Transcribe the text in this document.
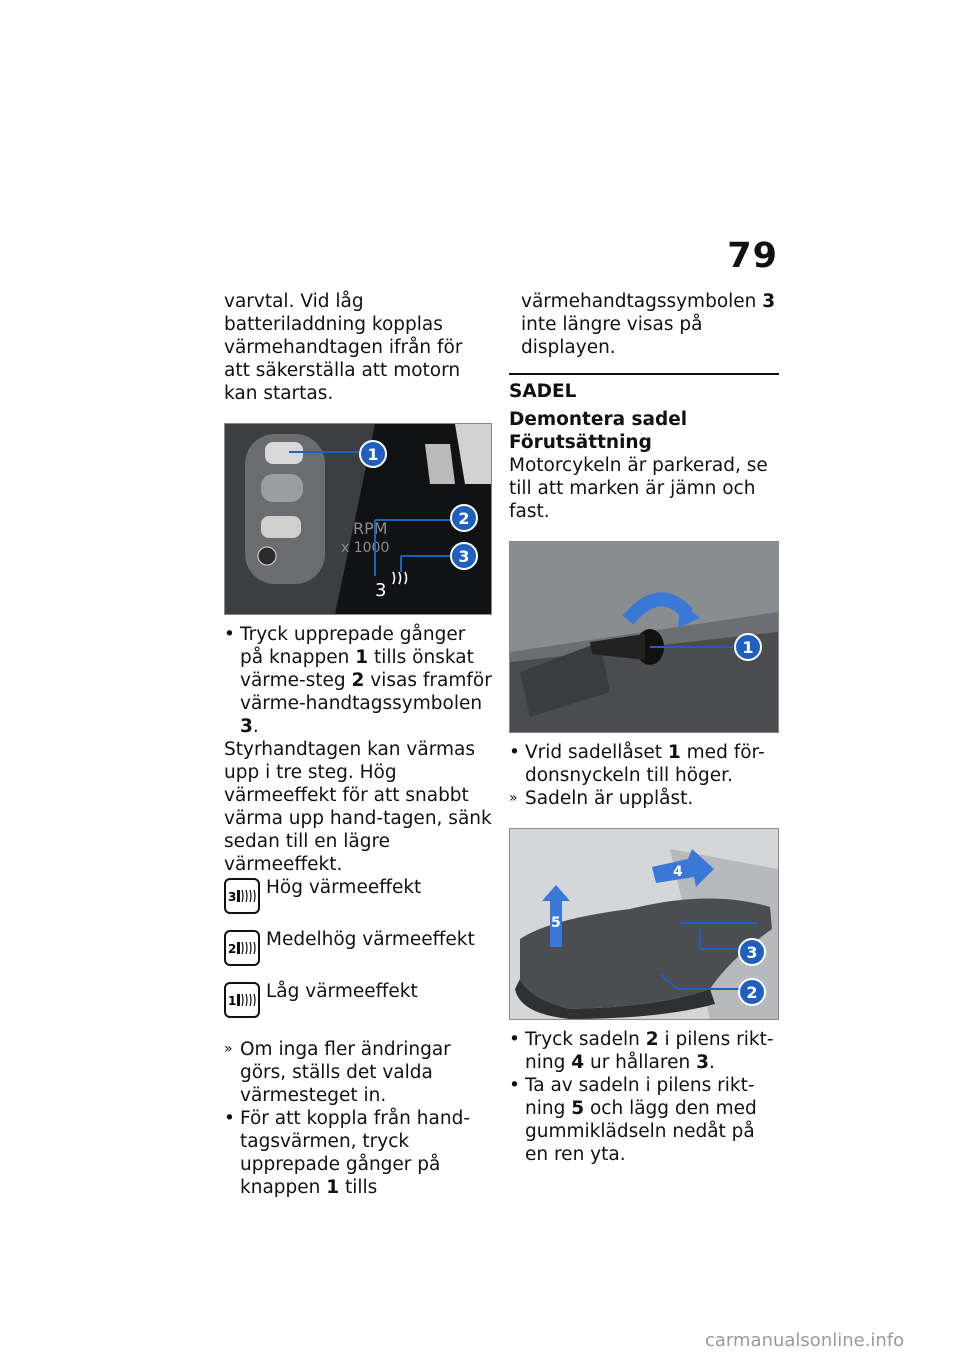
79

varvtal. Vid låg batteriladdning kopplas värmehandtagen ifrån för att säkerställa att motorn kan startas.

RPM
x 1000
3
1
2
3
• Tryck upprepade gånger på knappen 1 tills önskat värme-steg 2 visas framför värme-handtagssymbolen 3.

Styrhandtagen kan värmas upp i tre steg. Hög värmeeffekt för att snabbt värma upp hand-tagen, sänk sedan till en lägre värmeeffekt.

3 Hög värmeeffekt
2 Medelhög värmeeffekt
1 Låg värmeeffekt
» Om inga fler ändringar görs, ställs det valda värmesteget in.
• För att koppla från hand-tagsvärmen, tryck upprepade gånger på knappen 1 tills
värmehandtagssymbolen 3 inte längre visas på displayen.
SADEL

Demontera sadel

Förutsättning

Motorcykeln är parkerad, se till att marken är jämn och fast.

1
• Vrid sadellåset 1 med för-donsnyckeln till höger.
» Sadeln är upplåst.
4
5
3
2
• Tryck sadeln 2 i pilens rikt-ning 4 ur hållaren 3.
• Ta av sadeln i pilens rikt-ning 5 och lägg den med gummiklädseln nedåt på en ren yta.
carmanualsonline.info
